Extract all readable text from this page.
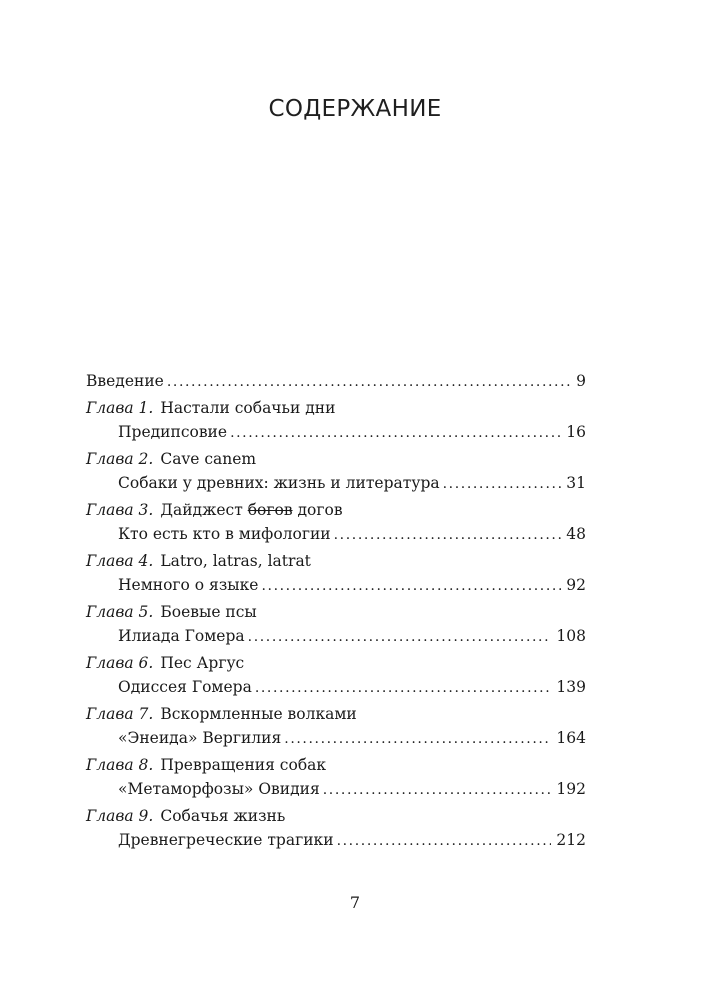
СОДЕРЖАНИЕ
Введение .....	9
Глава 1. Настали собачьи дни
Предипсовие .....	16
Глава 2. Cave canem
Собаки у древних: жизнь и литература .....	31
Глава 3. Дайджест
богов
догов
Кто есть кто в мифологии .....	48
Глава 4. Latro, latras, latrat
Немного о языке .....	92
Глава 5. Боевые псы
Илиада Гомера .....	108
Глава 6. Пес Аргус
Одиссея Гомера .....	139
Глава 7. Вскормленные волками
«Энеида» Вергилия .....	164
Глава 8. Превращения собак
«Метаморфозы» Овидия .....	192
Глава 9. Собачья жизнь
Древнегреческие трагики .....	212
7
